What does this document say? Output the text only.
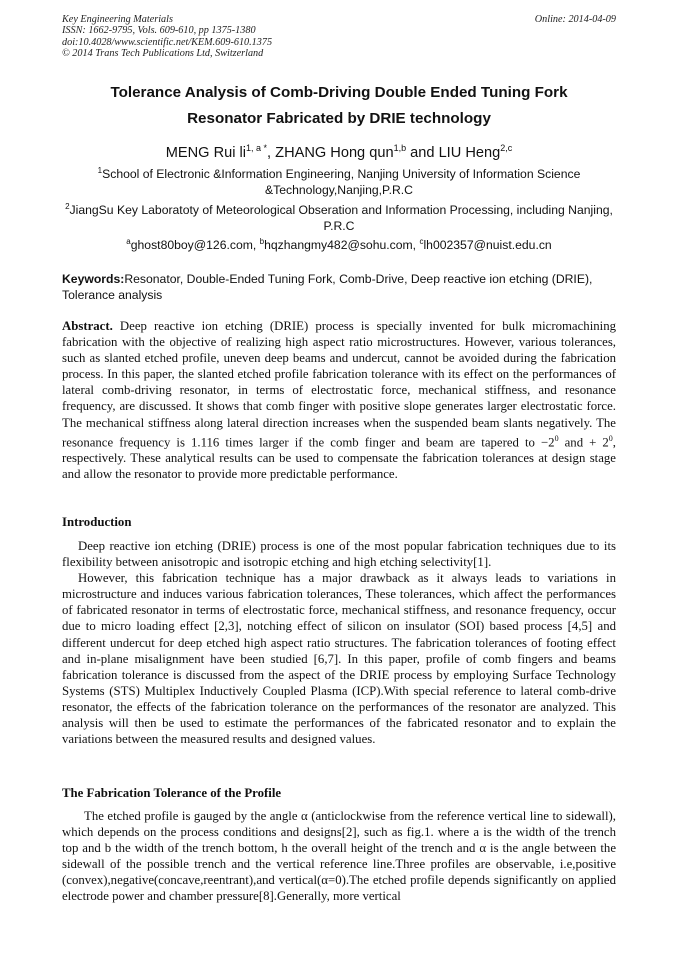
Key Engineering Materials
ISSN: 1662-9795, Vols. 609-610, pp 1375-1380
doi:10.4028/www.scientific.net/KEM.609-610.1375
© 2014 Trans Tech Publications Ltd, Switzerland
Online: 2014-04-09
Tolerance Analysis of Comb-Driving Double Ended Tuning Fork
Resonator Fabricated by DRIE technology
MENG Rui $li^{1, a *}$, ZHANG Hong qun$^{1,b}$ and LIU Heng$^{2,c}$
$^1$School of Electronic &Information Engineering, Nanjing University of Information Science &Technology,Nanjing,P.R.C
$^2$JiangSu Key Laboratoty of Meteorological Obseration and Information Processing, including Nanjing, P.R.C
$^a$ghost80boy@126.com, $^b$hqzhangmy482@sohu.com, $^c$lh002357@nuist.edu.cn
Keywords:Resonator, Double-Ended Tuning Fork, Comb-Drive, Deep reactive ion etching (DRIE), Tolerance analysis
Abstract. Deep reactive ion etching (DRIE) process is specially invented for bulk micromachining fabrication with the objective of realizing high aspect ratio microstructures. However, various tolerances, such as slanted etched profile, uneven deep beams and undercut, cannot be avoided during the fabrication process. In this paper, the slanted etched profile fabrication tolerance with its effect on the performances of lateral comb-driving resonator, in terms of electrostatic force, mechanical stiffness, and resonance frequency, are discussed. It shows that comb finger with positive slope generates larger electrostatic force. The mechanical stiffness along lateral direction increases when the suspended beam slants negatively. The resonance frequency is 1.116 times larger if the comb finger and beam are tapered to $-2^0$ and + $2^0$, respectively. These analytical results can be used to compensate the fabrication tolerances at design stage and allow the resonator to provide more predictable performance.
Introduction

Deep reactive ion etching (DRIE) process is one of the most popular fabrication techniques due to its flexibility between anisotropic and isotropic etching and high etching selectivity[1].

However, this fabrication technique has a major drawback as it always leads to variations in microstructure and induces various fabrication tolerances, These tolerances, which affect the performances of fabricated resonator in terms of electrostatic force, mechanical stiffness, and resonance frequency, occur due to micro loading effect [2,3], notching effect of silicon on insulator (SOI) based process [4,5] and different undercut for deep etched high aspect ratio structures. The fabrication tolerances of footing effect and in-plane misalignment have been studied [6,7]. In this paper, profile of comb fingers and beams fabrication tolerance is discussed from the aspect of the DRIE process by employing Surface Technology Systems (STS) Multiplex Inductively Coupled Plasma (ICP).With special reference to lateral comb-drive resonator, the effects of the fabrication tolerance on the performances of the resonator are analyzed. This analysis will then be used to estimate the performances of the fabricated resonator and to explain the variations between the measured results and designed values.

The Fabrication Tolerance of the Profile

The etched profile is gauged by the angle α (anticlockwise from the reference vertical line to sidewall), which depends on the process conditions and designs[2], such as fig.1. where a is the width of the trench top and b the width of the trench bottom, h the overall height of the trench and α is the angle between the sidewall of the possible trench and the vertical reference line.Three profiles are observable, i.e,positive (convex),negative(concave,reentrant),and vertical(α=0).The etched profile depends significantly on applied electrode power and chamber pressure[8].Generally, more vertical
